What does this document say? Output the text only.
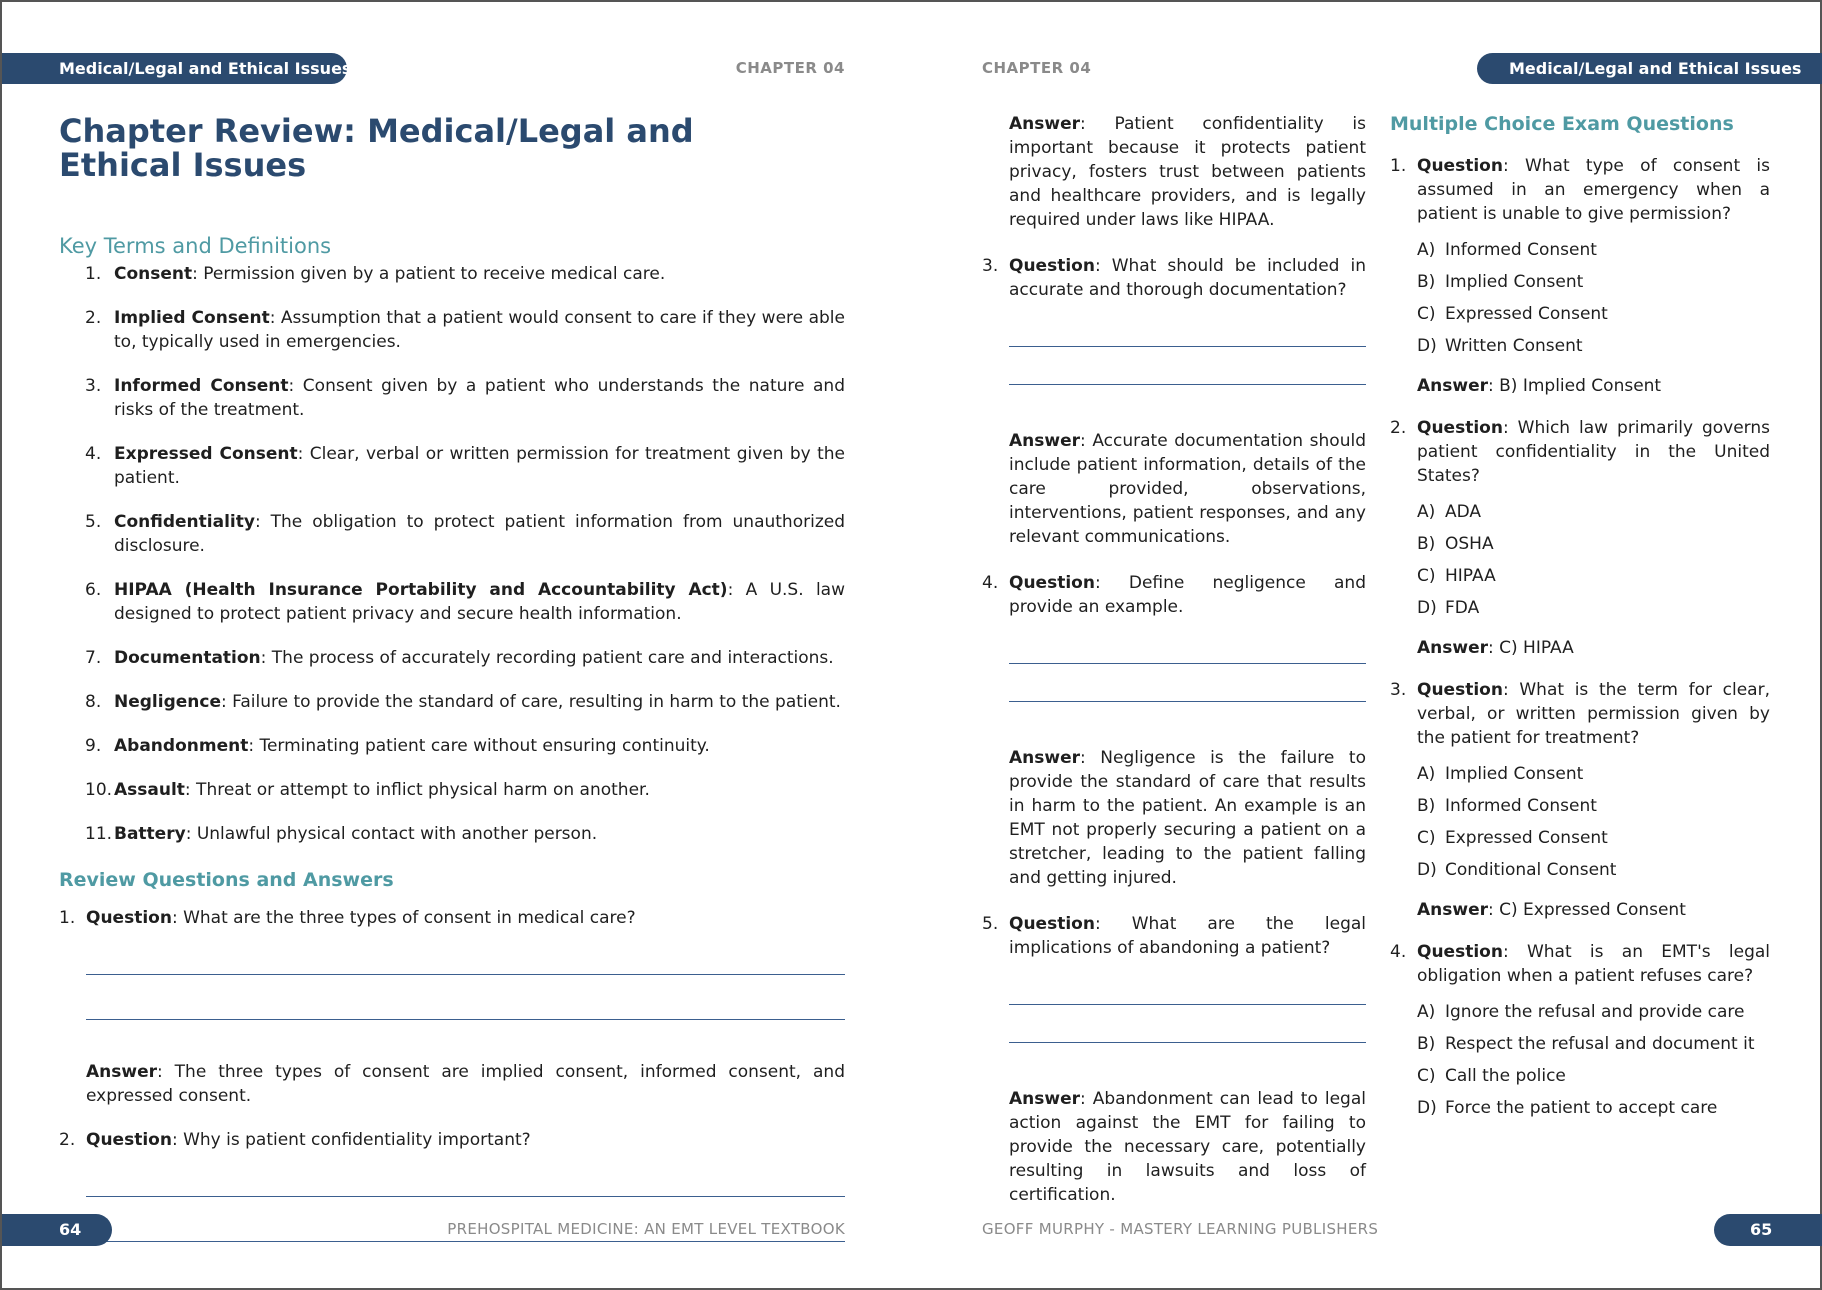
Medical/Legal and Ethical Issues	CHAPTER 04
Chapter Review: Medical/Legal and Ethical Issues
Key Terms and Definitions
1. Consent: Permission given by a patient to receive medical care.
2. Implied Consent: Assumption that a patient would consent to care if they were able to, typically used in emergencies.
3. Informed Consent: Consent given by a patient who understands the nature and risks of the treatment.
4. Expressed Consent: Clear, verbal or written permission for treatment given by the patient.
5. Confidentiality: The obligation to protect patient information from unauthorized disclosure.
6. HIPAA (Health Insurance Portability and Accountability Act): A U.S. law designed to protect patient privacy and secure health information.
7. Documentation: The process of accurately recording patient care and interactions.
8. Negligence: Failure to provide the standard of care, resulting in harm to the patient.
9. Abandonment: Terminating patient care without ensuring continuity.
10. Assault: Threat or attempt to inflict physical harm on another.
11. Battery: Unlawful physical contact with another person.
Review Questions and Answers
1. Question: What are the three types of consent in medical care?
Answer: The three types of consent are implied consent, informed consent, and expressed consent.
2. Question: Why is patient confidentiality important?
64	PREHOSPITAL MEDICINE: AN EMT LEVEL TEXTBOOK
CHAPTER 04	Medical/Legal and Ethical Issues
Answer: Patient confidentiality is important because it protects patient privacy, fosters trust between patients and healthcare providers, and is legally required under laws like HIPAA.
3. Question: What should be included in accurate and thorough documentation?
Answer: Accurate documentation should include patient information, details of the care provided, observations, interventions, patient responses, and any relevant communications.
4. Question: Define negligence and provide an example.
Answer: Negligence is the failure to provide the standard of care that results in harm to the patient. An example is an EMT not properly securing a patient on a stretcher, leading to the patient falling and getting injured.
5. Question: What are the legal implications of abandoning a patient?
Answer: Abandonment can lead to legal action against the EMT for failing to provide the necessary care, potentially resulting in lawsuits and loss of certification.
Multiple Choice Exam Questions
1. Question: What type of consent is assumed in an emergency when a patient is unable to give permission?
A) Informed Consent
B) Implied Consent
C) Expressed Consent
D) Written Consent
Answer: B) Implied Consent
2. Question: Which law primarily governs patient confidentiality in the United States?
A) ADA
B) OSHA
C) HIPAA
D) FDA
Answer: C) HIPAA
3. Question: What is the term for clear, verbal, or written permission given by the patient for treatment?
A) Implied Consent
B) Informed Consent
C) Expressed Consent
D) Conditional Consent
Answer: C) Expressed Consent
4. Question: What is an EMT's legal obligation when a patient refuses care?
A) Ignore the refusal and provide care
B) Respect the refusal and document it
C) Call the police
D) Force the patient to accept care
GEOFF MURPHY - MASTERY LEARNING PUBLISHERS	65
